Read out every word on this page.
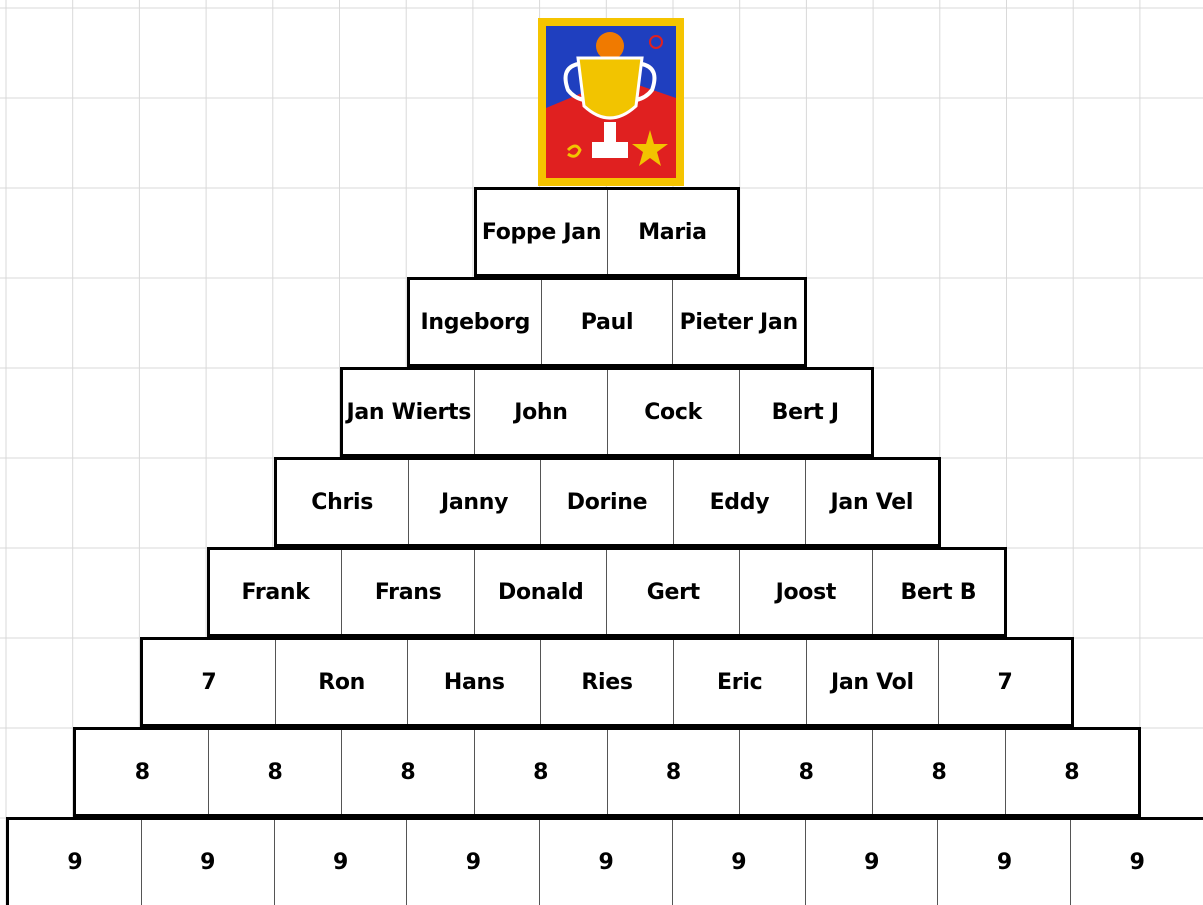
Foppe Jan	Maria
Ingeborg	Paul	Pieter Jan
Jan Wierts	John	Cock	Bert J
Chris	Janny	Dorine	Eddy	Jan Vel
Frank	Frans	Donald	Gert	Joost	Bert B
7	Ron	Hans	Ries	Eric	Jan Vol	7
8	8	8	8	8	8	8	8
9	9	9	9	9	9	9	9	9
